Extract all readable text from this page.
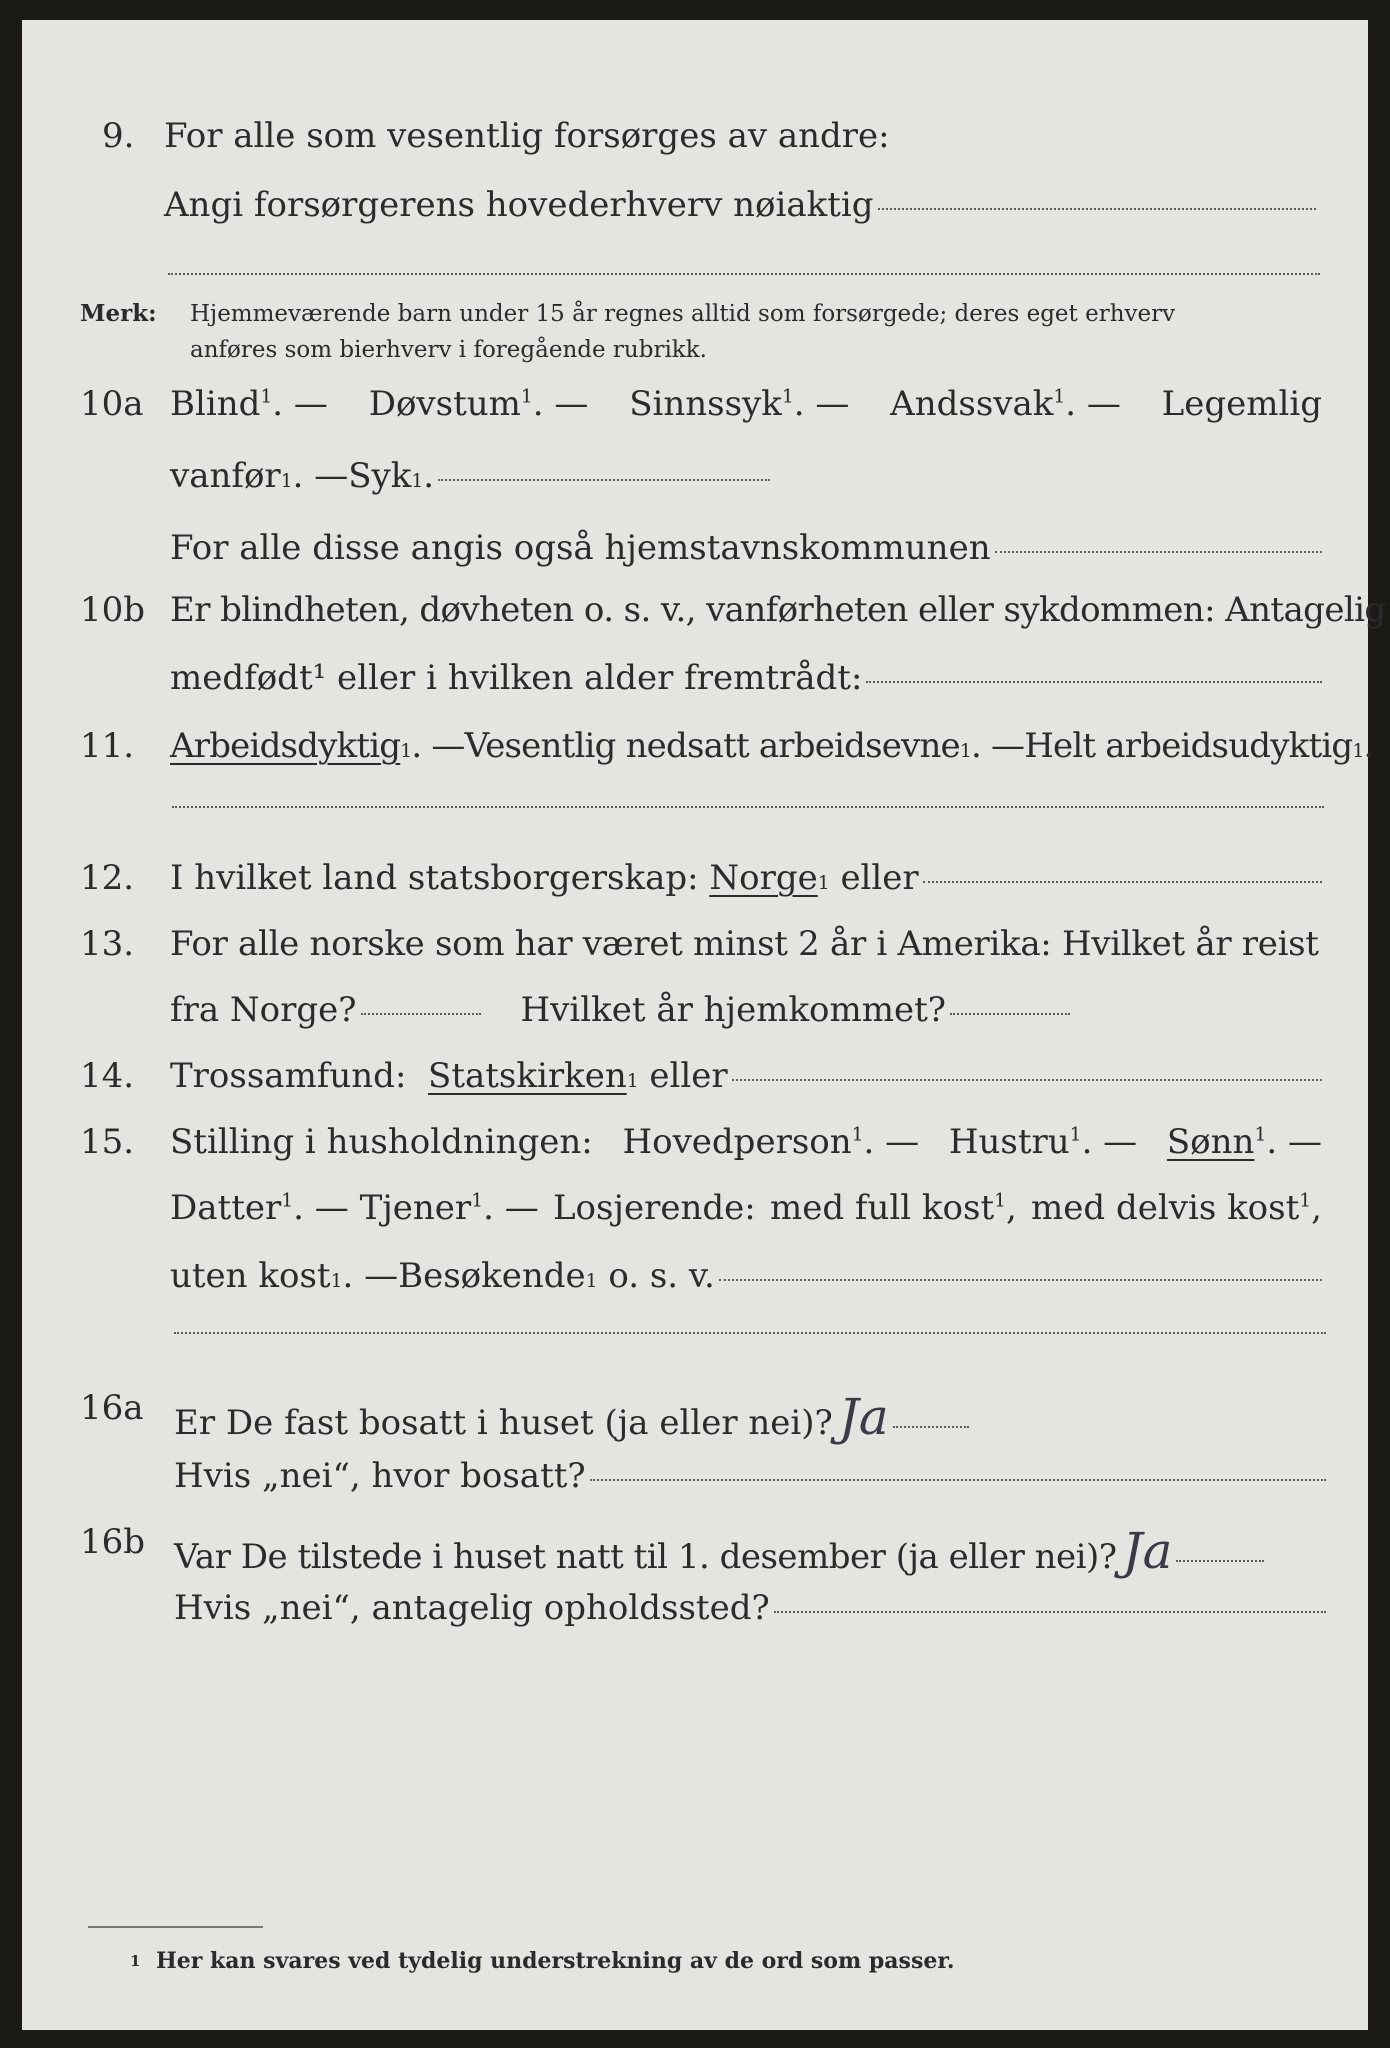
9. For alle som vesentlig forsørges av andre:
Angi forsørgerens hovederhverv nøiaktig
Merk: Hjemmeværende barn under 15 år regnes alltid som forsørgede; deres eget erhverv
anføres som bierhverv i foregående rubrikk.
10a Blind$^1$. — Døvstum$^1$. — Sinnssyk$^1$. — Andssvak$^1$. — Legemlig
vanfør 1 . — Syk 1 .
For alle disse angis også hjemstavnskommunen
10b Er blindheten, døvheten o. s. v., vanførheten eller sykdommen: Antagelig
medfødt¹ eller i hvilken alder fremtrådt:
11. Arbeidsdyktig 1 . — Vesentlig nedsatt arbeidsevne 1 . — Helt arbeidsudyktig 1 .
12. I hvilket land statsborgerskap:
Norge 1
eller
13. For alle norske som har været minst 2 år i Amerika: Hvilket år reist
fra Norge?	Hvilket år hjemkommet?
14. Trossamfund:
Statskirken 1
eller
15. Stilling i husholdningen: Hovedperson$^1$. — Hustru$^1$. — Sønn$^1$. —
Datter$^1$. — Tjener$^1$. — Losjerende: med full kost$^1$, med delvis kost$^1$,
uten kost 1 . — Besøkende 1
o. s. v.
16a Er De fast bosatt i huset (ja eller nei)? Ja
Hvis „nei“, hvor bosatt?
16b Var De tilstede i huset natt til 1. desember (ja eller nei)? Ja
Hvis „nei“, antagelig opholdssted?
1 Her kan svares ved tydelig understrekning av de ord som passer.
